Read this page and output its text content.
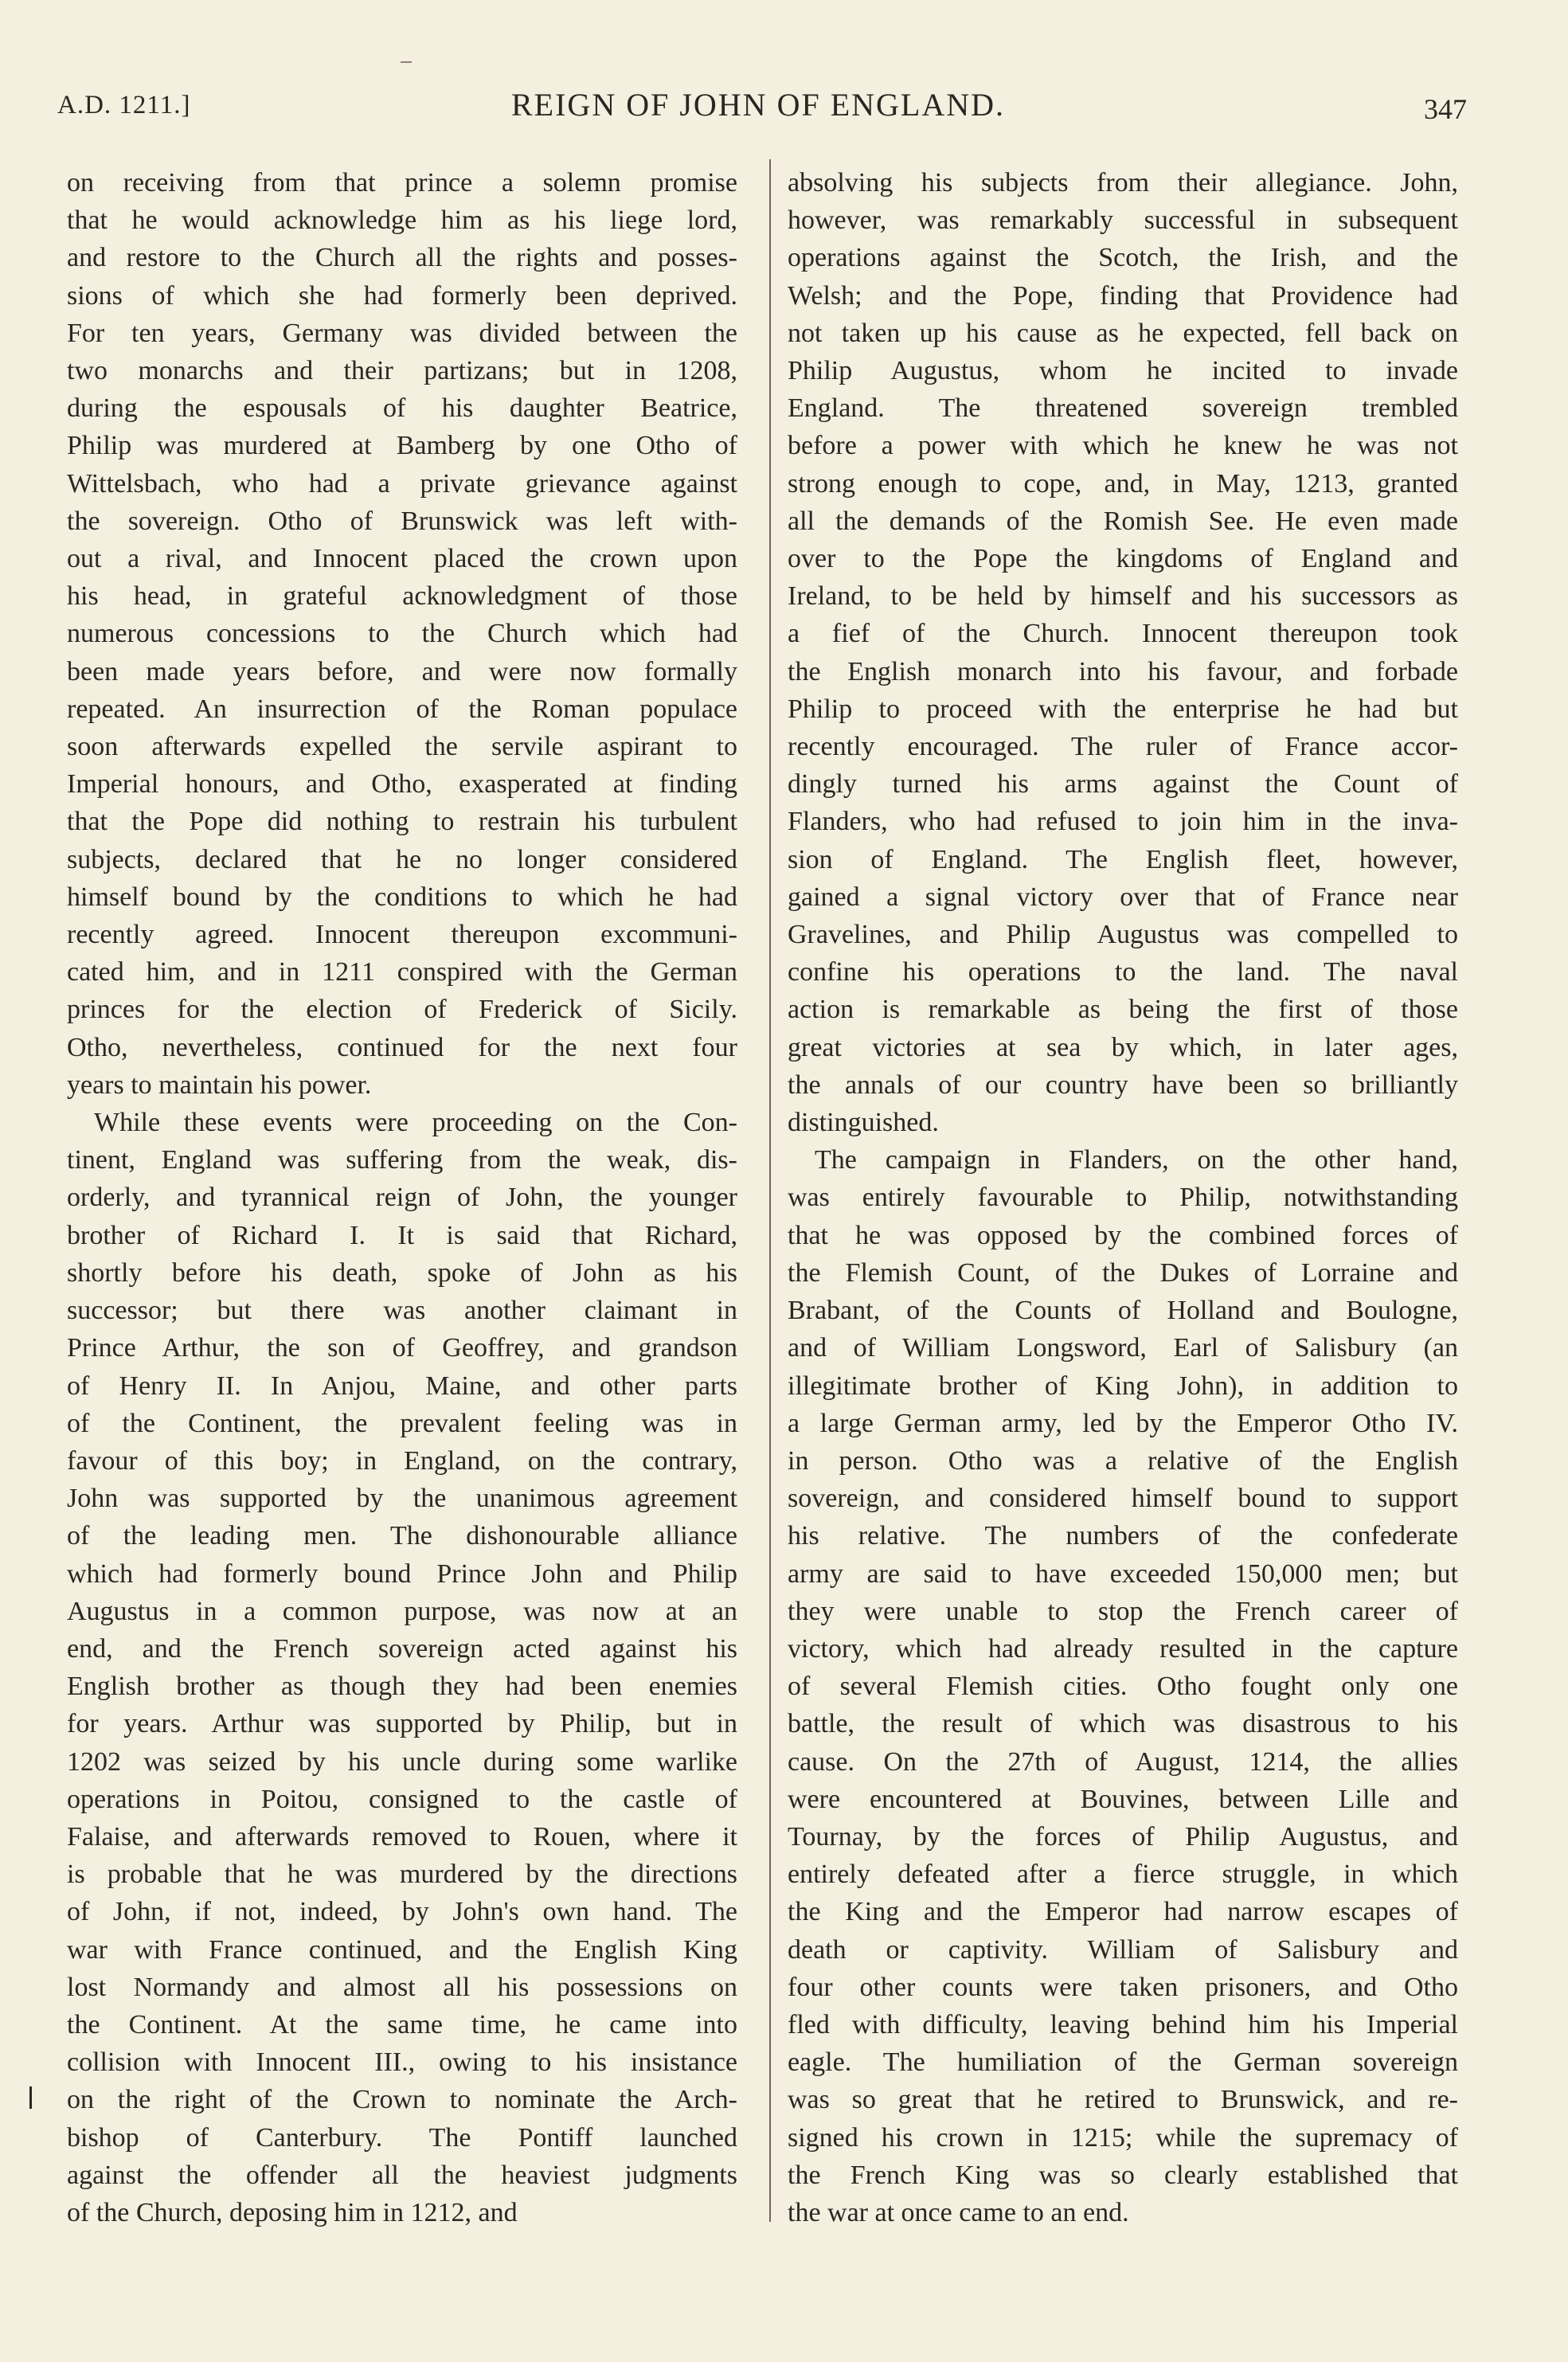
A.D. 1211.]	REIGN OF JOHN OF ENGLAND.	347
on receiving from that prince a solemn promise
that he would acknowledge him as his liege lord,
and restore to the Church all the rights and posses-
sions of which she had formerly been deprived.
For ten years, Germany was divided between the
two monarchs and their partizans; but in 1208,
during the espousals of his daughter Beatrice,
Philip was murdered at Bamberg by one Otho of
Wittelsbach, who had a private grievance against
the sovereign. Otho of Brunswick was left with-
out a rival, and Innocent placed the crown upon
his head, in grateful acknowledgment of those
numerous concessions to the Church which had
been made years before, and were now formally
repeated. An insurrection of the Roman populace
soon afterwards expelled the servile aspirant to
Imperial honours, and Otho, exasperated at finding
that the Pope did nothing to restrain his turbulent
subjects, declared that he no longer considered
himself bound by the conditions to which he had
recently agreed. Innocent thereupon excommuni-
cated him, and in 1211 conspired with the German
princes for the election of Frederick of Sicily.
Otho, nevertheless, continued for the next four
years to maintain his power.
While these events were proceeding on the Con-
tinent, England was suffering from the weak, dis-
orderly, and tyrannical reign of John, the younger
brother of Richard I. It is said that Richard,
shortly before his death, spoke of John as his
successor; but there was another claimant in
Prince Arthur, the son of Geoffrey, and grandson
of Henry II. In Anjou, Maine, and other parts
of the Continent, the prevalent feeling was in
favour of this boy; in England, on the contrary,
John was supported by the unanimous agreement
of the leading men. The dishonourable alliance
which had formerly bound Prince John and Philip
Augustus in a common purpose, was now at an
end, and the French sovereign acted against his
English brother as though they had been enemies
for years. Arthur was supported by Philip, but in
1202 was seized by his uncle during some warlike
operations in Poitou, consigned to the castle of
Falaise, and afterwards removed to Rouen, where it
is probable that he was murdered by the directions
of John, if not, indeed, by John's own hand. The
war with France continued, and the English King
lost Normandy and almost all his possessions on
the Continent. At the same time, he came into
collision with Innocent III., owing to his insistance
on the right of the Crown to nominate the Arch-
bishop of Canterbury. The Pontiff launched
against the offender all the heaviest judgments
of the Church, deposing him in 1212, and
absolving his subjects from their allegiance. John,
however, was remarkably successful in subsequent
operations against the Scotch, the Irish, and the
Welsh; and the Pope, finding that Providence had
not taken up his cause as he expected, fell back on
Philip Augustus, whom he incited to invade
England. The threatened sovereign trembled
before a power with which he knew he was not
strong enough to cope, and, in May, 1213, granted
all the demands of the Romish See. He even made
over to the Pope the kingdoms of England and
Ireland, to be held by himself and his successors as
a fief of the Church. Innocent thereupon took
the English monarch into his favour, and forbade
Philip to proceed with the enterprise he had but
recently encouraged. The ruler of France accor-
dingly turned his arms against the Count of
Flanders, who had refused to join him in the inva-
sion of England. The English fleet, however,
gained a signal victory over that of France near
Gravelines, and Philip Augustus was compelled to
confine his operations to the land. The naval
action is remarkable as being the first of those
great victories at sea by which, in later ages,
the annals of our country have been so brilliantly
distinguished.
The campaign in Flanders, on the other hand,
was entirely favourable to Philip, notwithstanding
that he was opposed by the combined forces of
the Flemish Count, of the Dukes of Lorraine and
Brabant, of the Counts of Holland and Boulogne,
and of William Longsword, Earl of Salisbury (an
illegitimate brother of King John), in addition to
a large German army, led by the Emperor Otho IV.
in person. Otho was a relative of the English
sovereign, and considered himself bound to support
his relative. The numbers of the confederate
army are said to have exceeded 150,000 men; but
they were unable to stop the French career of
victory, which had already resulted in the capture
of several Flemish cities. Otho fought only one
battle, the result of which was disastrous to his
cause. On the 27th of August, 1214, the allies
were encountered at Bouvines, between Lille and
Tournay, by the forces of Philip Augustus, and
entirely defeated after a fierce struggle, in which
the King and the Emperor had narrow escapes of
death or captivity. William of Salisbury and
four other counts were taken prisoners, and Otho
fled with difficulty, leaving behind him his Imperial
eagle. The humiliation of the German sovereign
was so great that he retired to Brunswick, and re-
signed his crown in 1215; while the supremacy of
the French King was so clearly established that
the war at once came to an end.
